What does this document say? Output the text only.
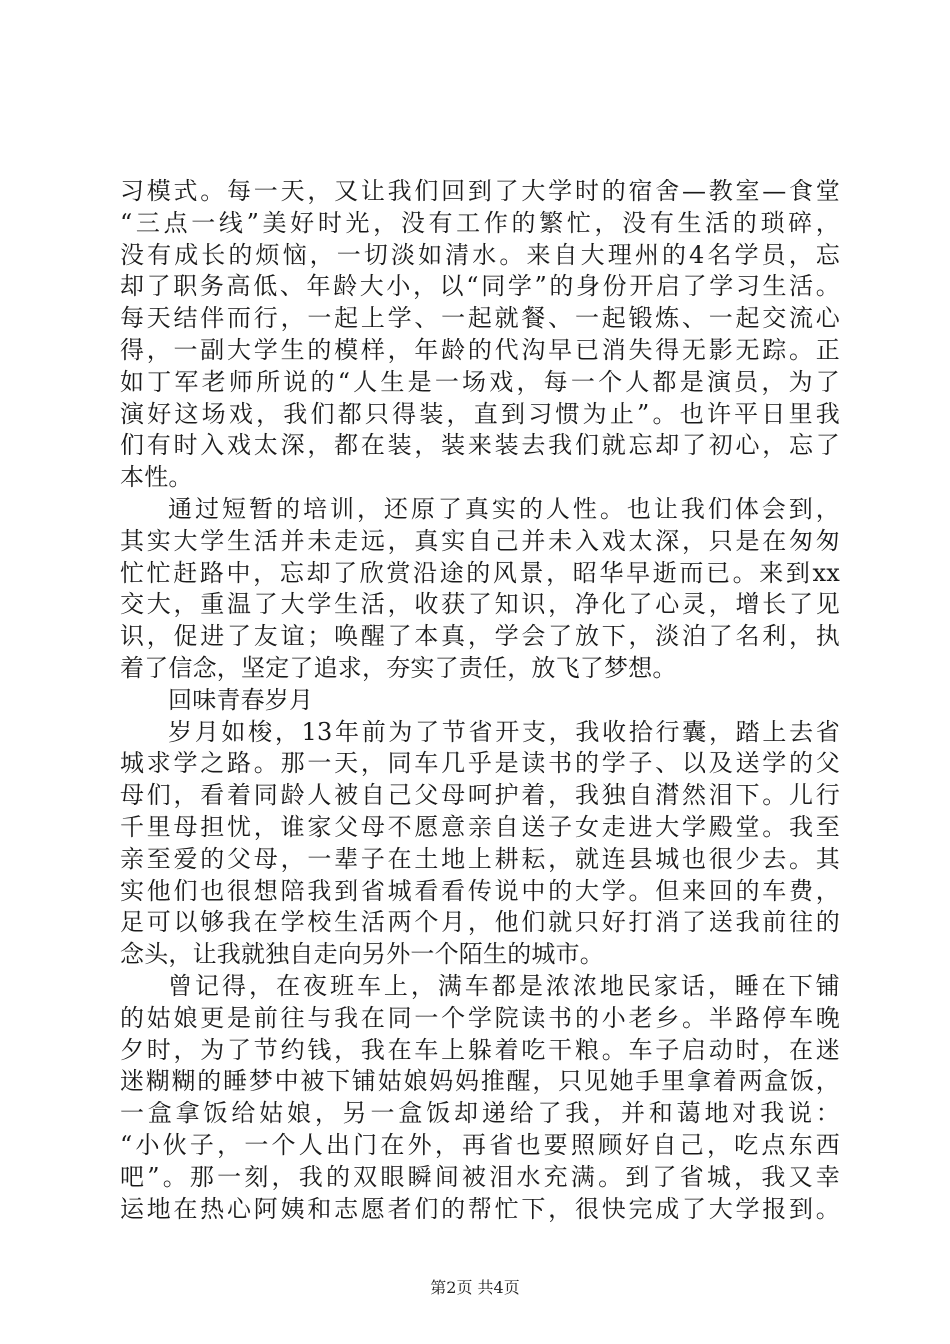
习模式。每一天，又让我们回到了大学时的宿舍—教室—食堂
“三点一线”美好时光，没有工作的繁忙，没有生活的琐碎，
没有成长的烦恼，一切淡如清水。来自大理州的4名学员，忘
却了职务高低、年龄大小，以“同学”的身份开启了学习生活。
每天结伴而行，一起上学、一起就餐、一起锻炼、一起交流心
得，一副大学生的模样，年龄的代沟早已消失得无影无踪。正
如丁军老师所说的“人生是一场戏，每一个人都是演员，为了
演好这场戏，我们都只得装，直到习惯为止”。也许平日里我
们有时入戏太深，都在装，装来装去我们就忘却了初心，忘了
本性。
通过短暂的培训，还原了真实的人性。也让我们体会到，
其实大学生活并未走远，真实自己并未入戏太深，只是在匆匆
忙忙赶路中，忘却了欣赏沿途的风景，昭华早逝而已。来到xx
交大，重温了大学生活，收获了知识，净化了心灵，增长了见
识，促进了友谊；唤醒了本真，学会了放下，淡泊了名利，执
着了信念，坚定了追求，夯实了责任，放飞了梦想。
回味青春岁月
岁月如梭，13年前为了节省开支，我收拾行囊，踏上去省
城求学之路。那一天，同车几乎是读书的学子、以及送学的父
母们，看着同龄人被自己父母呵护着，我独自潸然泪下。儿行
千里母担忧，谁家父母不愿意亲自送子女走进大学殿堂。我至
亲至爱的父母，一辈子在土地上耕耘，就连县城也很少去。其
实他们也很想陪我到省城看看传说中的大学。但来回的车费，
足可以够我在学校生活两个月，他们就只好打消了送我前往的
念头，让我就独自走向另外一个陌生的城市。
曾记得，在夜班车上，满车都是浓浓地民家话，睡在下铺
的姑娘更是前往与我在同一个学院读书的小老乡。半路停车晚
夕时，为了节约钱，我在车上躲着吃干粮。车子启动时，在迷
迷糊糊的睡梦中被下铺姑娘妈妈推醒，只见她手里拿着两盒饭，
一盒拿饭给姑娘，另一盒饭却递给了我，并和蔼地对我说：
“小伙子，一个人出门在外，再省也要照顾好自己，吃点东西
吧”。那一刻，我的双眼瞬间被泪水充满。到了省城，我又幸
运地在热心阿姨和志愿者们的帮忙下，很快完成了大学报到。
第2页 共4页
